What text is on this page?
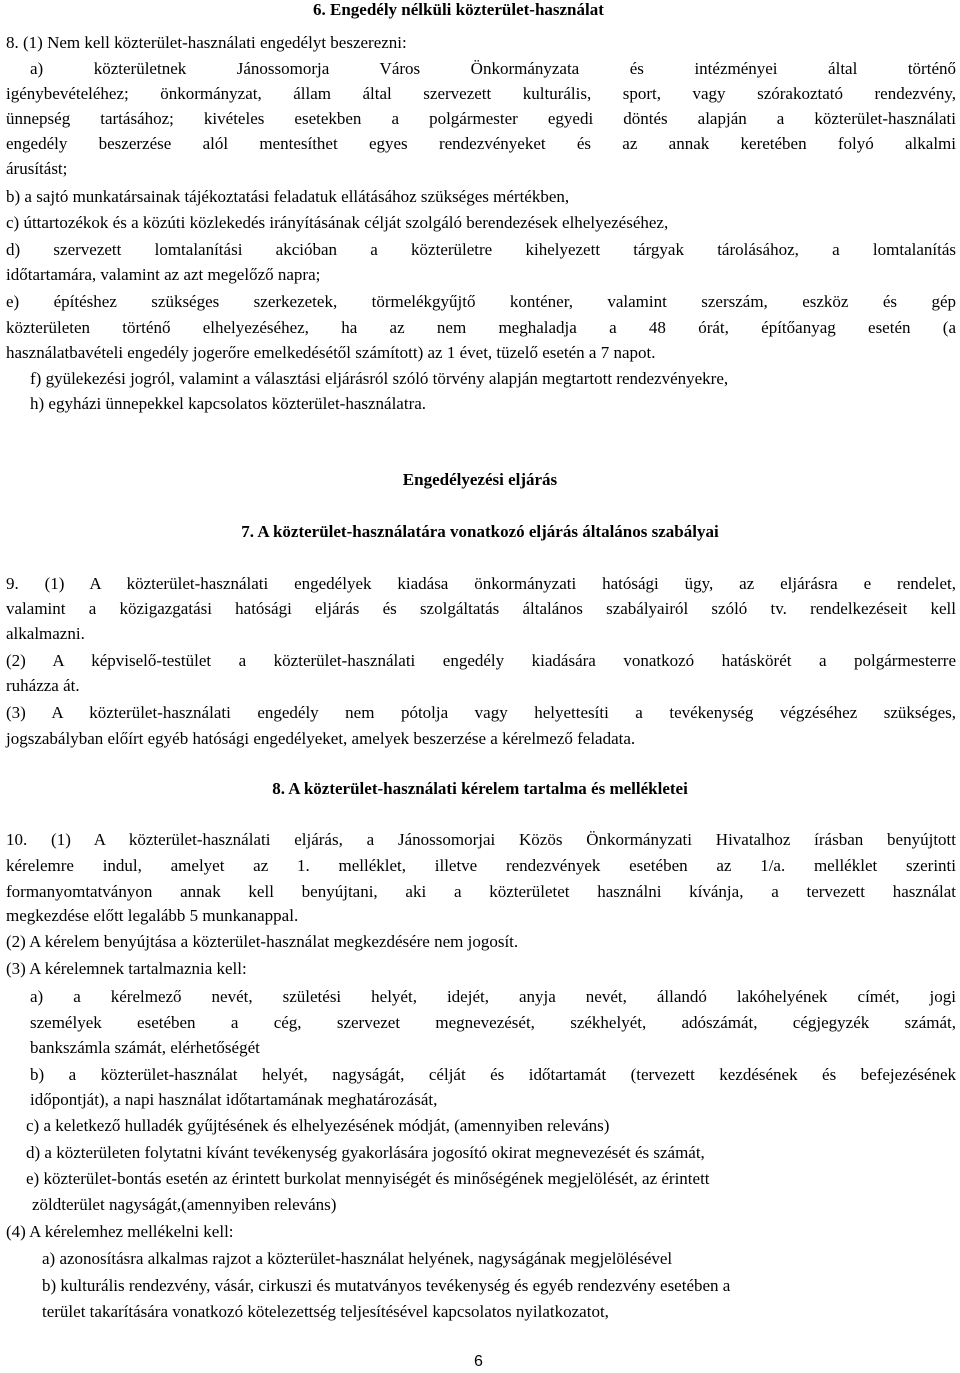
6. Engedély nélküli közterület-használat
8. (1) Nem kell közterület-használati engedélyt beszerezni:
a) közterületnek Jánossomorja Város Önkormányzata és intézményei által történő
igénybevételéhez; önkormányzat, állam által szervezett kulturális, sport, vagy szórakoztató rendezvény,
ünnepség tartásához; kivételes esetekben a polgármester egyedi döntés alapján a közterület-használati
engedély beszerzése alól mentesíthet egyes rendezvényeket és az annak keretében folyó alkalmi
árusítást;
b) a sajtó munkatársainak tájékoztatási feladatuk ellátásához szükséges mértékben,
c) úttartozékok és a közúti közlekedés irányításának célját szolgáló berendezések elhelyezéséhez,
d) szervezett lomtalanítási akcióban a közterületre kihelyezett tárgyak tárolásához, a lomtalanítás
időtartamára, valamint az azt megelőző napra;
e) építéshez szükséges szerkezetek, törmelékgyűjtő konténer, valamint szerszám, eszköz és gép
közterületen történő elhelyezéséhez, ha az nem meghaladja a 48 órát, építőanyag esetén (a
használatbavételi engedély jogerőre emelkedésétől számított) az 1 évet, tüzelő esetén a 7 napot.
f) gyülekezési jogról, valamint a választási eljárásról szóló törvény alapján megtartott rendezvényekre,
h) egyházi ünnepekkel kapcsolatos közterület-használatra.
Engedélyezési eljárás
7. A közterület-használatára vonatkozó eljárás általános szabályai
9. (1) A közterület-használati engedélyek kiadása önkormányzati hatósági ügy, az eljárásra e rendelet,
valamint a közigazgatási hatósági eljárás és szolgáltatás általános szabályairól szóló tv. rendelkezéseit kell
alkalmazni.
(2) A képviselő-testület a közterület-használati engedély kiadására vonatkozó hatáskörét a polgármesterre
ruházza át.
(3) A közterület-használati engedély nem pótolja vagy helyettesíti a tevékenység végzéséhez szükséges,
jogszabályban előírt egyéb hatósági engedélyeket, amelyek beszerzése a kérelmező feladata.
8. A közterület-használati kérelem tartalma és mellékletei
10. (1) A közterület-használati eljárás, a Jánossomorjai Közös Önkormányzati Hivatalhoz írásban benyújtott
kérelemre indul, amelyet az 1. melléklet, illetve rendezvények esetében az 1/a. melléklet szerinti
formanyomtatványon annak kell benyújtani, aki a közterületet használni kívánja, a tervezett használat
megkezdése előtt legalább 5 munkanappal.
(2) A kérelem benyújtása a közterület-használat megkezdésére nem jogosít.
(3) A kérelemnek tartalmaznia kell:
a) a kérelmező nevét, születési helyét, idejét, anyja nevét, állandó lakóhelyének címét, jogi
személyek esetében a cég, szervezet megnevezését, székhelyét, adószámát, cégjegyzék számát,
bankszámla számát, elérhetőségét
b) a közterület-használat helyét, nagyságát, célját és időtartamát (tervezett kezdésének és befejezésének
időpontját), a napi használat időtartamának meghatározását,
c) a keletkező hulladék gyűjtésének és elhelyezésének módját, (amennyiben releváns)
d) a közterületen folytatni kívánt tevékenység gyakorlására jogosító okirat megnevezését és számát,
e) közterület-bontás esetén az érintett burkolat mennyiségét és minőségének megjelölését, az érintett
zöldterület nagyságát,(amennyiben releváns)
(4) A kérelemhez mellékelni kell:
a) azonosításra alkalmas rajzot a közterület-használat helyének, nagyságának megjelölésével
b) kulturális rendezvény, vásár, cirkuszi és mutatványos tevékenység és egyéb rendezvény esetében a
terület takarítására vonatkozó kötelezettség teljesítésével kapcsolatos nyilatkozatot,
6
